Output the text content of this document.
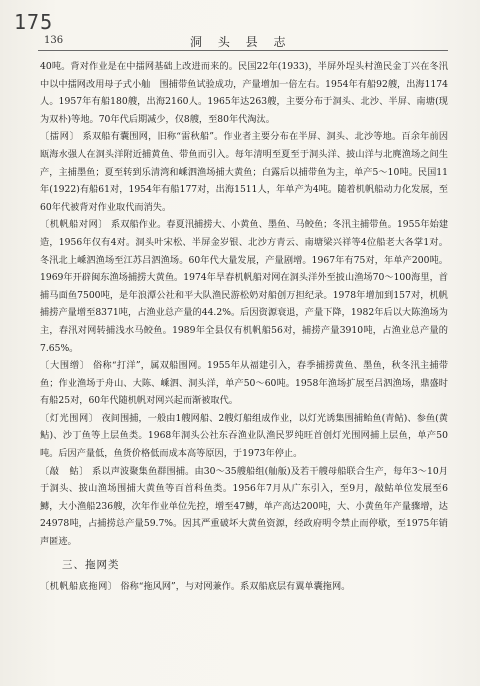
175
136	洞 头 县 志

40吨。背对作业是在中擂网基础上改进而来的。民国22年(1933)，半屏外埕头村渔民金丁兴在冬汛中以中擂网改用母子式小舢　围捕带鱼试验成功，产量增加一倍左右。1954年有船92艘，出海1174人。1957年有船180艘，出海2160人。1965年达263艘，主要分布于洞头、北沙、半屏、南塘(现为双朴)等地。70年代后期减少，仅8艘，至80年代淘汰。

〔擂网〕 系双船有囊围网，旧称“雷秋船”。作业者主要分布在半屏、洞头、北沙等地。百余年前因瓯海水强人在洞头洋附近捕黄鱼、带鱼而引入。每年清明至夏至于洞头洋、披山洋与北麂渔场之间生产，主捕墨鱼；夏至转到乐清湾和嵊泗渔场捕大黄鱼；白露后以捕带鱼为主，单产5～10吨。民国11年(1922)有船61对，1954年有船177对，出海1511人，年单产为4吨。随着机帆船动力化发展，至60年代被背对作业取代而消失。

〔机帆船对网〕 系双船作业。春夏汛捕捞大、小黄鱼、墨鱼、马鲛鱼；冬汛主捕带鱼。1955年始建造，1956年仅有4对。洞头叶宋松、半屏金岁银、北沙方青云、南塘梁兴祥等4位船老大各掌1对。冬汛北上嵊泗渔场至江苏吕泗渔场。60年代大量发展，产量剧增。1967年有75对，年单产200吨。1969年开辟闽东渔场捕捞大黄鱼。1974年旱春机帆船对网在洞头洋外至披山渔场70～100海里，首捕马面鱼7500吨，是年浪潭公社和平大队渔民游松奶对船创万担纪录。1978年增加到157对，机帆捕捞产量增至8371吨，占渔业总产量的44.2%。后因资源衰退，产量下降，1982年后以大陈渔场为主，春汛对网转捕浅水马鲛鱼。1989年全县仅有机帆船56对，捕捞产量3910吨，占渔业总产量的7.65%。

〔大围缯〕 俗称“打洋”，属双船围网。1955年从福建引入，春季捕捞黄鱼、墨鱼，秋冬汛主捕带鱼；作业渔场于舟山、大陈、嵊泗、洞头洋，单产50～60吨。1958年渔场扩展至吕泗渔场，鼎盛时有船25对，60年代随机帆对网兴起而渐被取代。

〔灯光围网〕 夜间围捕，一般由1艘网船、2艘灯船组成作业，以灯光诱集围捕鲐鱼(青鲇)、参鱼(黄鲇)、沙丁鱼等上层鱼类。1968年洞头公社东吞渔业队渔民罗纯旺首创灯光围网捕上层鱼，单产50吨。后因产量低，鱼货价格低而成本高等原因，于1973年停止。

〔敲　鮕〕 系以声波聚集鱼群围捕。由30～35艘船组(舢舨)及若干艘母船联合生产，每年3～10月于洞头、披山渔场围捕大黄鱼等百首科鱼类。1956年7月从广东引入，至9月，敲鮕单位发展至6鱄，大小渔船236艘，次年作业单位先控，增至47鱄，单产高达200吨，大、小黄鱼年产量骤增，达24978吨，占捕捞总产量59.7%。因其严重破坏大黄鱼资源，经政府明令禁止而停歇，至1975年销声匿迹。

三、拖网类

〔机帆船底拖网〕 俗称“拖风网”，与对网兼作。系双船底层有翼单囊拖网。
